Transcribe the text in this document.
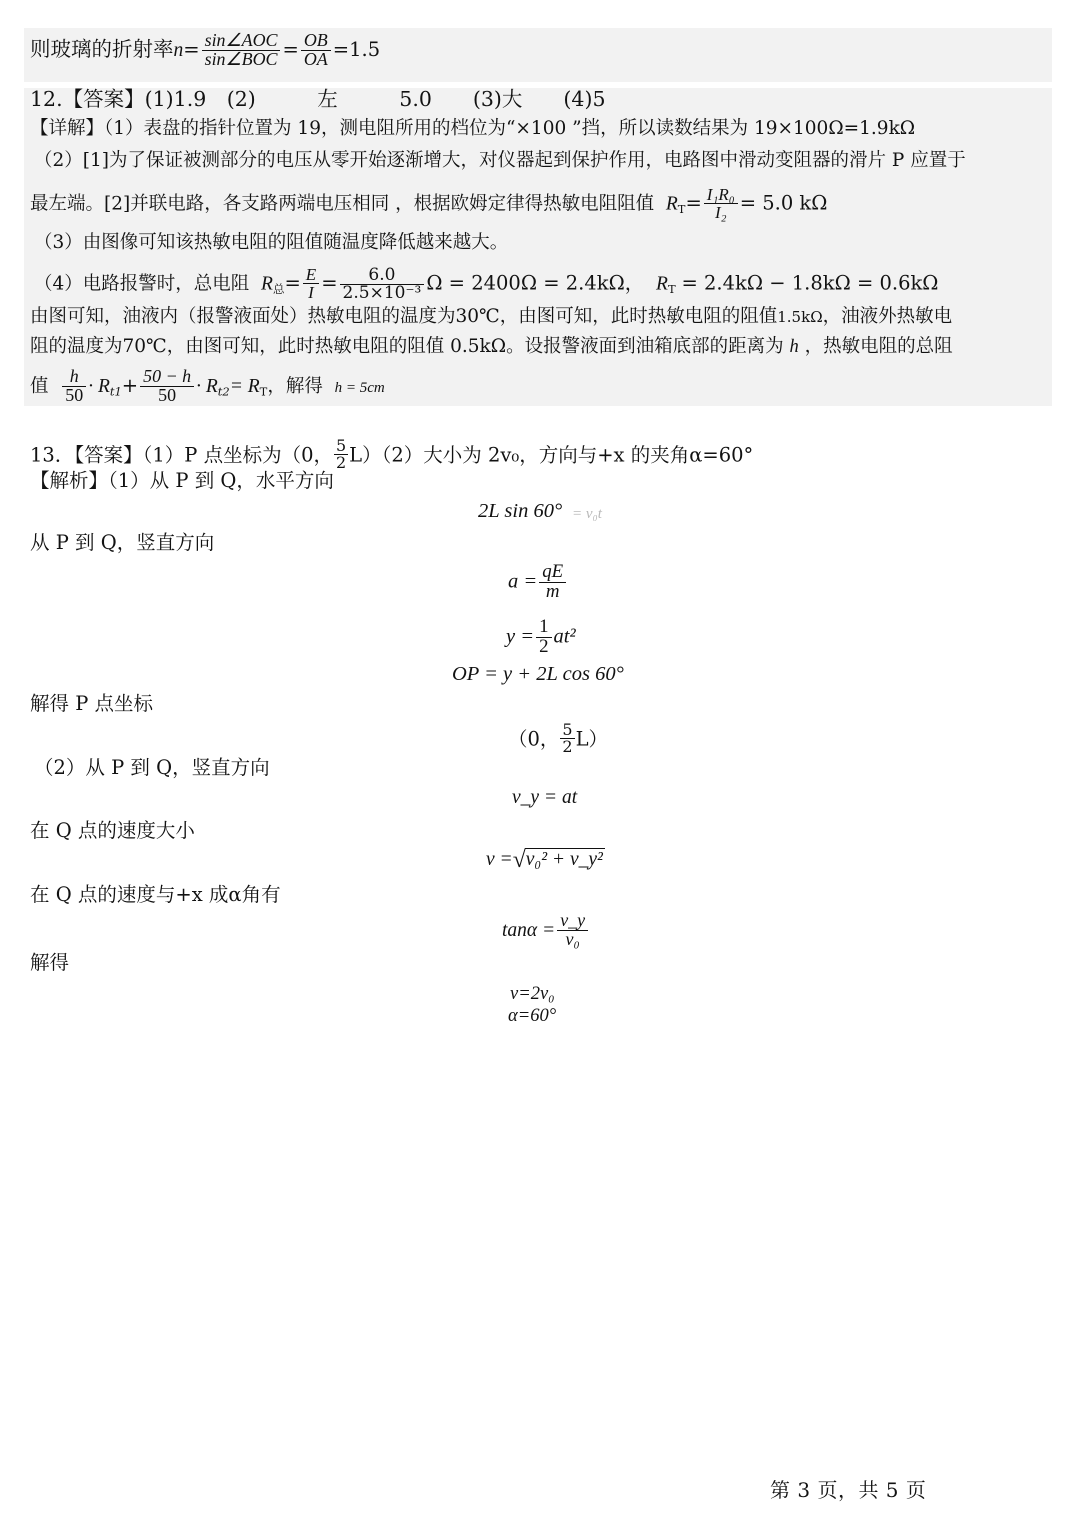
则玻璃的折射率$n= \frac{\text{sin∠AOC}}{\text{sin∠BOC}} = \frac{OB}{OA} =1.5$
12.【答案】(1)1.9　(2)　　　左　　　5.0　　(3)大　　(4)5
【详解】（1）表盘的指针位置为 19，测电阻所用的档位为“×100 ”挡，所以读数结果为 19×100Ω=1.9kΩ
（2）[1]为了保证被测部分的电压从零开始逐渐增大，对仪器起到保护作用，电路图中滑动变阻器的滑片 P 应置于
最左端。[2]并联电路，各支路两端电压相同 ，根据欧姆定律得热敏电阻阻值 $R_T= \frac{\text{I₁R₀}}{\text{I₂}} = 5.0$ kΩ
（3）由图像可知该热敏电阻的阻值随温度降低越来越大。
（4）电路报警时，总电阻 $R_总= \frac{E}{I} = \frac{6.0}{\text{2.5×10⁻³}}$ Ω = 2400Ω = 2.4kΩ， $R_T = 2.4k\Omega - 1.8k\Omega = 0.6k\Omega$
由图可知，油液内（报警液面处）热敏电阻的温度为30℃，由图可知，此时热敏电阻的阻值1.5kΩ，油液外热敏电
阻的温度为70℃，由图可知，此时热敏电阻的阻值 0.5kΩ。设报警液面到油箱底部的距离为 h ，热敏电阻的总阻
值 $\frac{h}{50} \cdot R_{t1}+ \frac{50 - h}{50} \cdot R_{t2}= R_T$，解得 h = 5cm
13．【答案】（1）P 点坐标为（0， $\frac{5}{2} L)(2)$大小为 2v₀，方向与+x 的夹角α=60°
【解析】（1）从 P 到 Q，水平方向
2L sin 60° = v₀t
从 P 到 Q，竖直方向
$a = \frac{qE}{m}$
$y = \frac{1}{2} at^2$
OP = y + 2L cos 60°
解得 P 点坐标
（0， $\frac{5}{2} L$）
（2）从 P 到 Q，竖直方向
v_y = at
在 Q 点的速度大小
v = √ v₀² + v_y²
在 Q 点的速度与+x 成α角有
$\tan\alpha = \frac{v\_y}{\text{v₀}}$
解得
v=2v₀
α=60°
第 3 页，共 5 页
